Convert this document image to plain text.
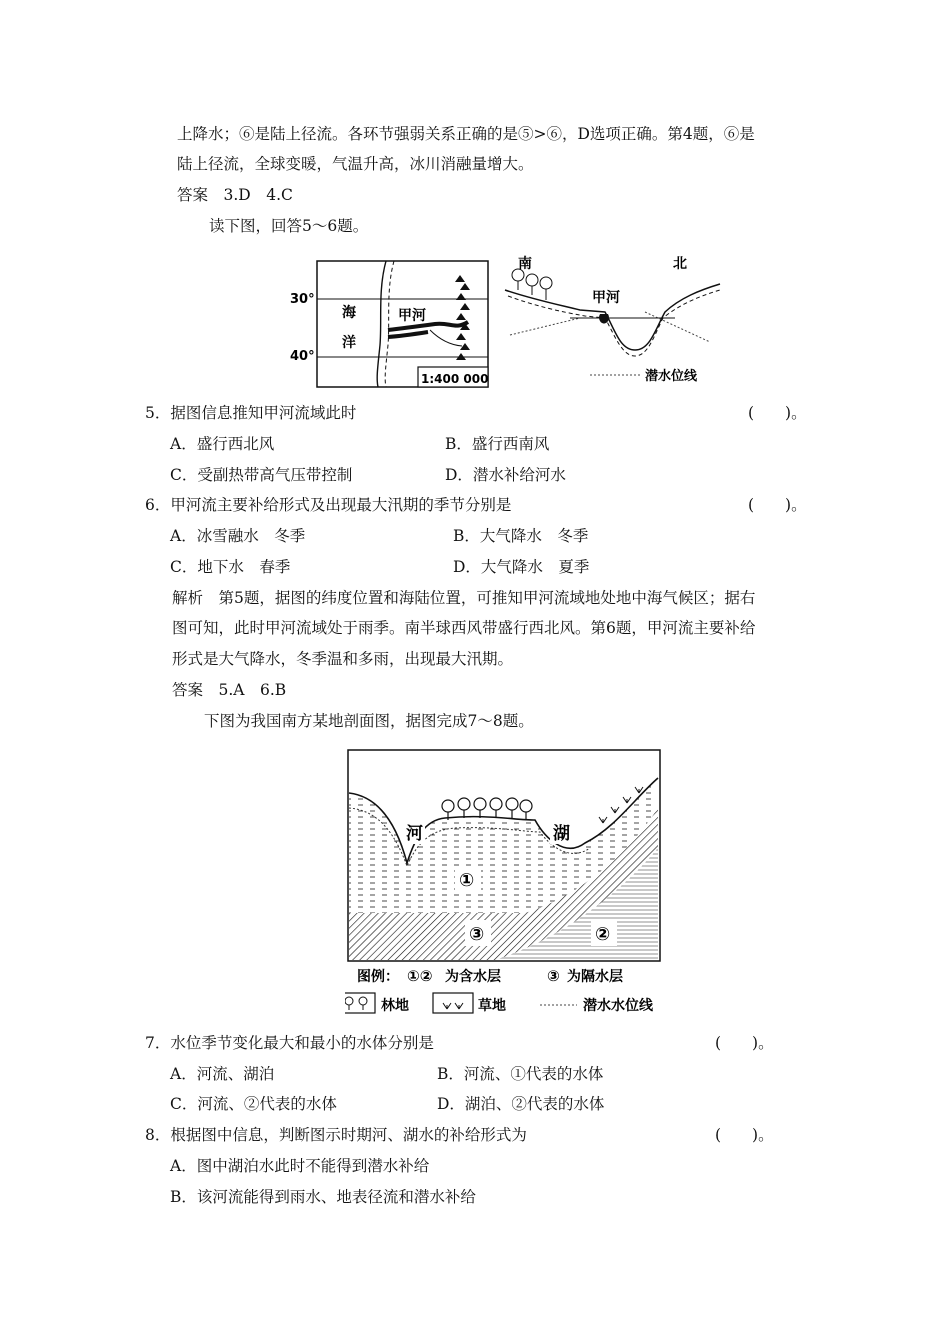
上降水；⑥是陆上径流。各环节强弱关系正确的是⑤>⑥，D选项正确。第4题，⑥是
陆上径流，全球变暖，气温升高，冰川消融量增大。
答案　3.D　4.C
读下图，回答5～6题。
30°
40°
海
洋
甲河
1:400 000
南	北
甲河
潜水位线
5．据图信息推知甲河流域此时	(　　)。
A．盛行西北风	B．盛行西南风
C．受副热带高气压带控制	D．潜水补给河水
6．甲河流主要补给形式及出现最大汛期的季节分别是	(　　)。
A．冰雪融水　冬季	B．大气降水　冬季
C．地下水　春季	D．大气降水　夏季
解析　第5题，据图的纬度位置和海陆位置，可推知甲河流域地处地中海气候区；据右
图可知，此时甲河流域处于雨季。南半球西风带盛行西北风。第6题，甲河流主要补给
形式是大气降水，冬季温和多雨，出现最大汛期。
答案　5.A　6.B
下图为我国南方某地剖面图，据图完成7～8题。
①
②
③
河	湖
图例： ①② 为含水层	③ 为隔水层
林地	草地	潜水水位线
7．水位季节变化最大和最小的水体分别是	(　　)。
A．河流、湖泊	B．河流、①代表的水体
C．河流、②代表的水体	D．湖泊、②代表的水体
8．根据图中信息，判断图示时期河、湖水的补给形式为	(　　)。
A．图中湖泊水此时不能得到潜水补给
B．该河流能得到雨水、地表径流和潜水补给
